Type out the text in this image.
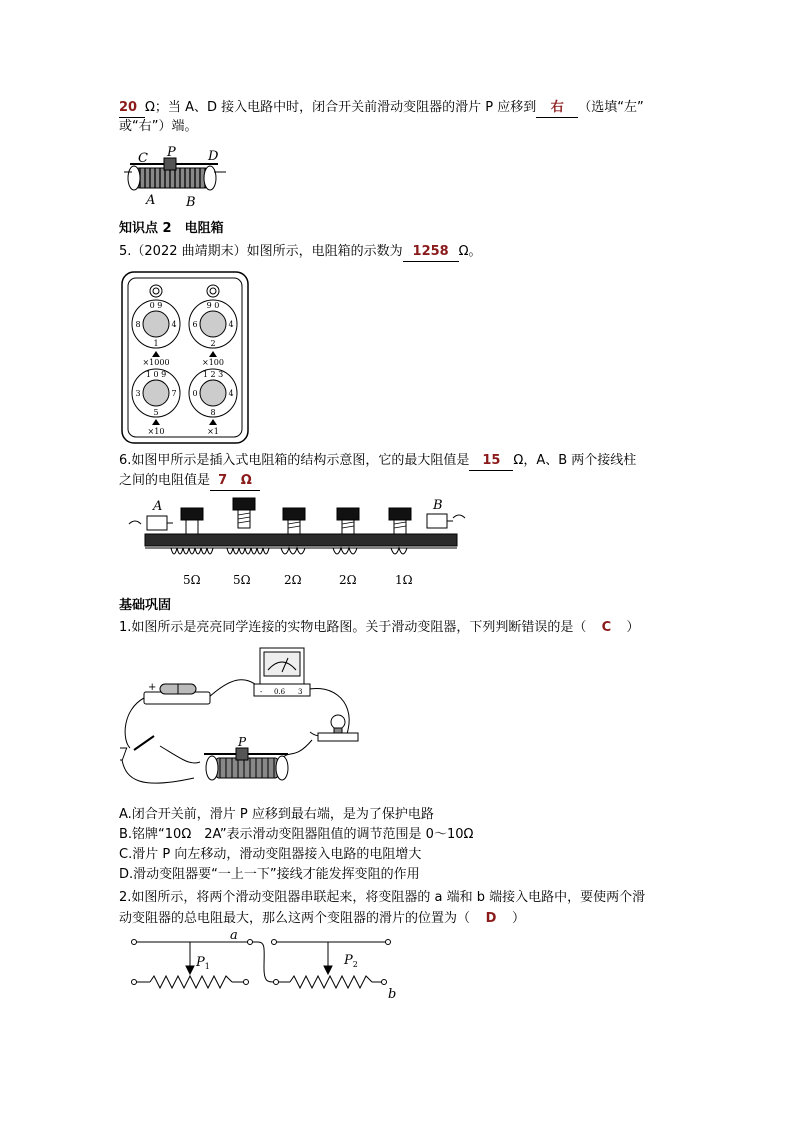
20 Ω；当 A、D 接入电路中时，闭合开关前滑动变阻器的滑片 P 应移到 右 （选填“左”
或“右”）端。
C P D
A B
知识点 2　电阻箱
5.（2022 曲靖期末）如图所示，电阻箱的示数为 1258 Ω。
0 9
1
8	4
×1000
9 0
2
6	4
×100
1 0 9
5
3	7
×10
1 2 3
8
0	4
×1
6.如图甲所示是插入式电阻箱的结构示意图，它的最大阻值是 15 Ω，A、B 两个接线柱
之间的电阻值是 7 Ω
A	B
5Ω	5Ω	2Ω	2Ω	1Ω
基础巩固
1.如图所示是亮亮同学连接的实物电路图。关于滑动变阻器，下列判断错误的是（ C ）
+	- 0.6 3
P
A.闭合开关前，滑片 P 应移到最右端，是为了保护电路
B.铭牌“10Ω　2A”表示滑动变阻器阻值的调节范围是 0～10Ω
C.滑片 P 向左移动，滑动变阻器接入电路的电阻增大
D.滑动变阻器要“一上一下”接线才能发挥变阻的作用
2.如图所示，将两个滑动变阻器串联起来，将变阻器的 a 端和 b 端接入电路中，要使两个滑
动变阻器的总电阻最大，那么这两个变阻器的滑片的位置为（ D ）
a
b
$P_1$	$P_2$
